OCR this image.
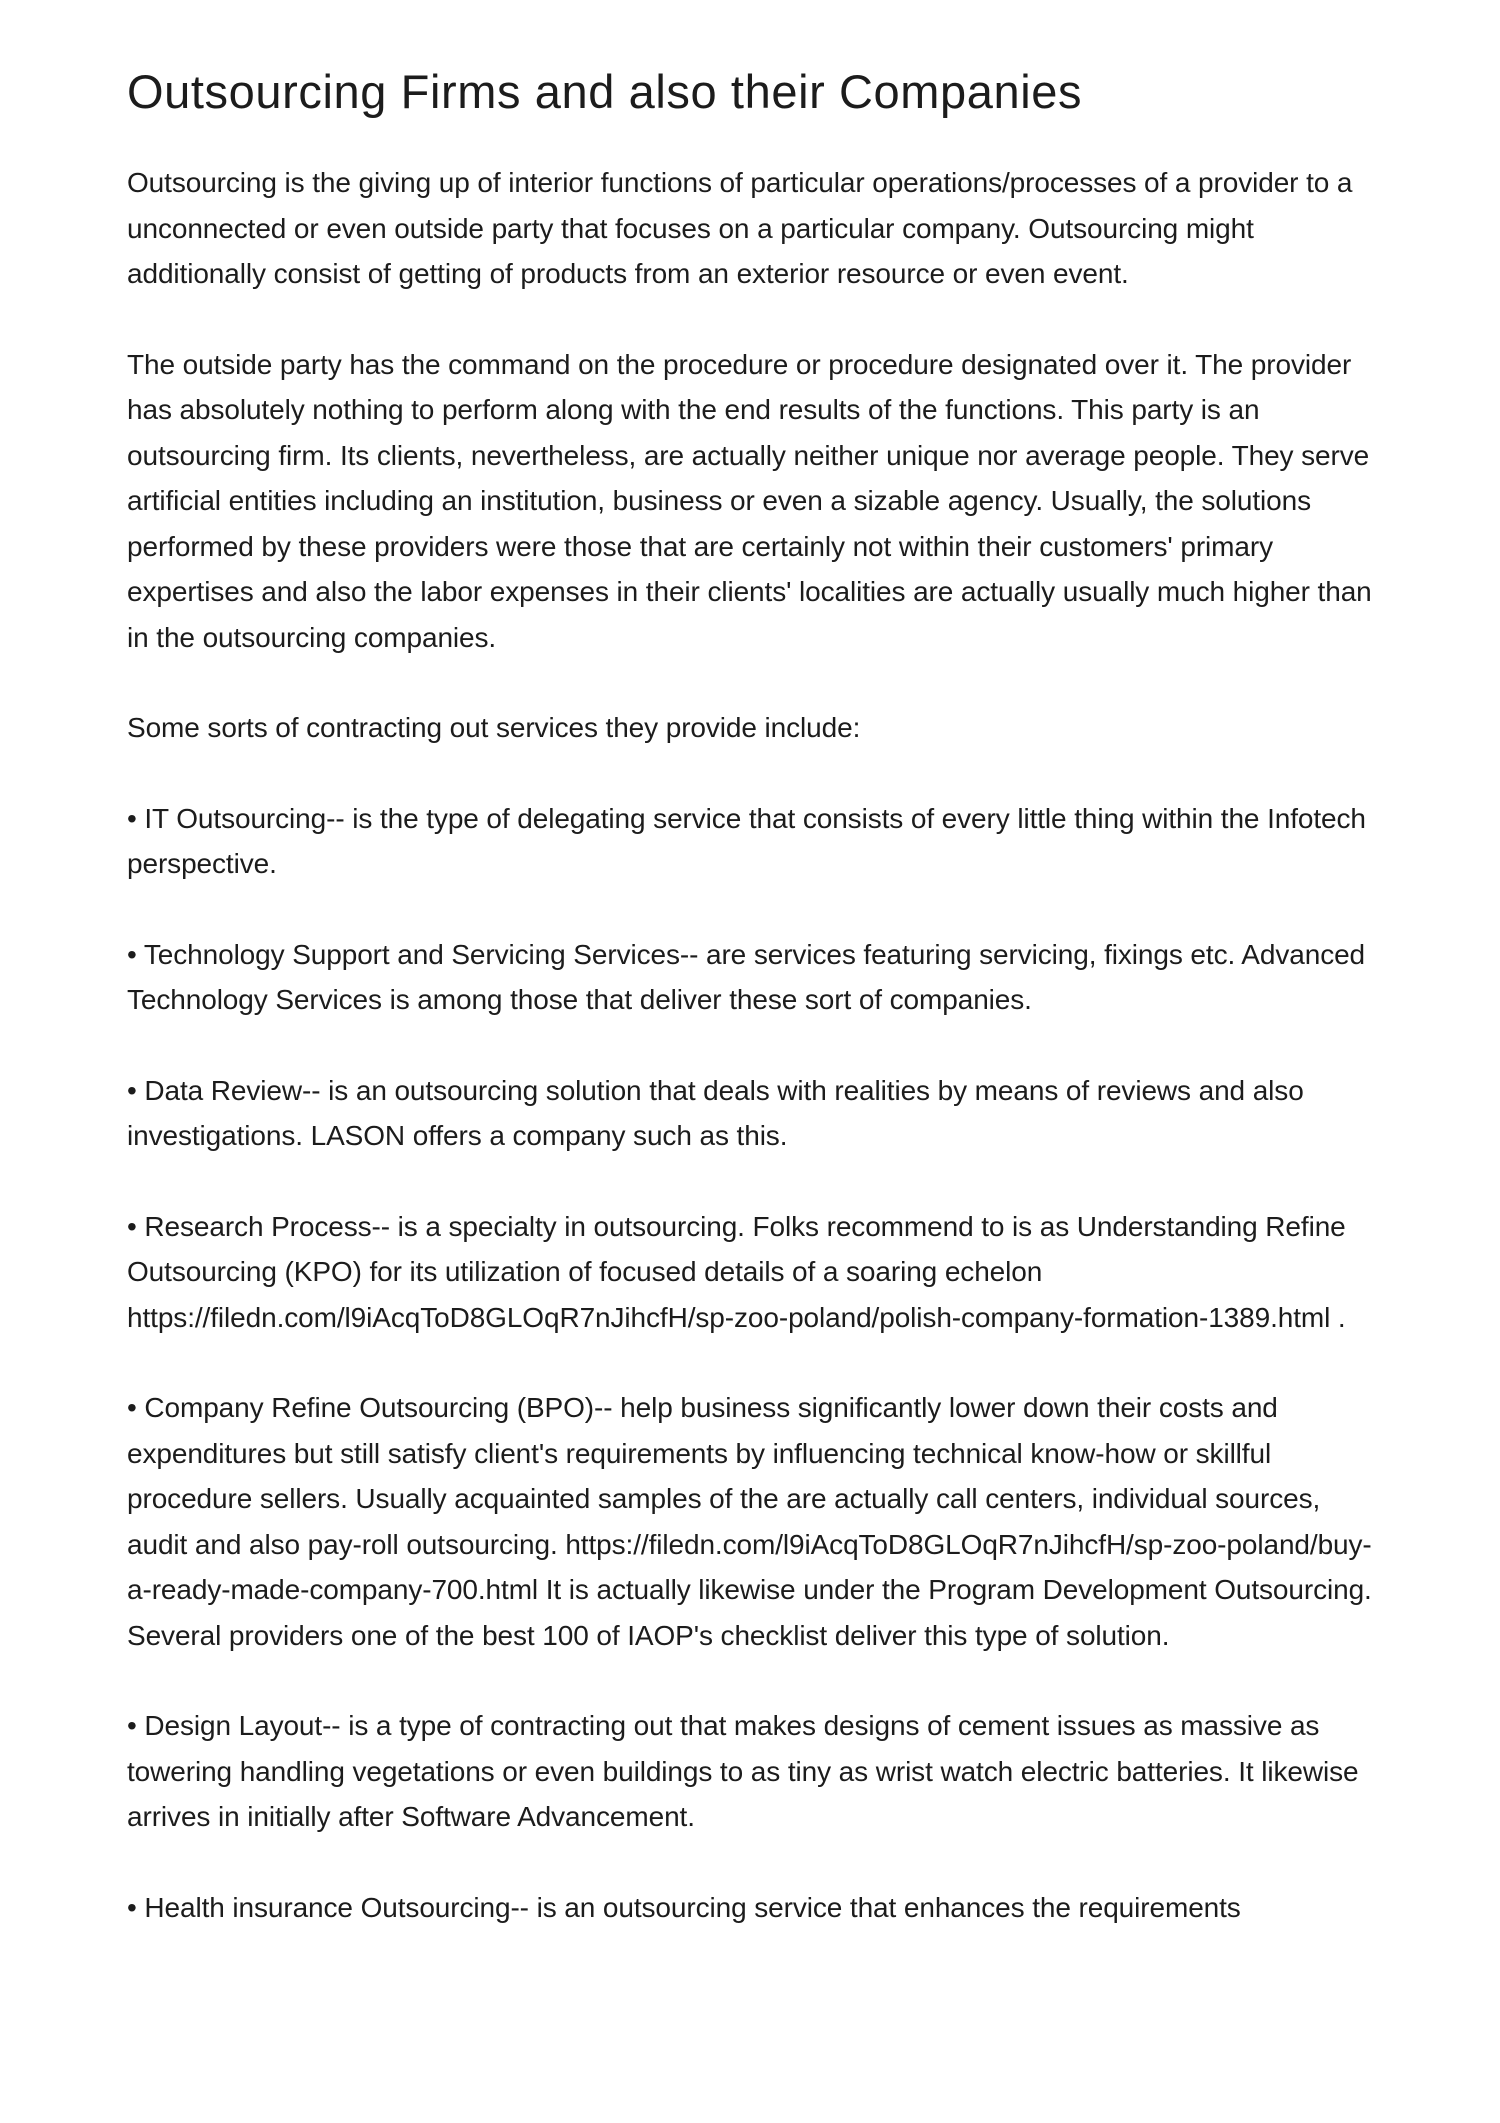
Outsourcing Firms and also their Companies

Outsourcing is the giving up of interior functions of particular operations/processes of a provider to a unconnected or even outside party that focuses on a particular company. Outsourcing might additionally consist of getting of products from an exterior resource or even event.

The outside party has the command on the procedure or procedure designated over it. The provider has absolutely nothing to perform along with the end results of the functions. This party is an outsourcing firm. Its clients, nevertheless, are actually neither unique nor average people. They serve artificial entities including an institution, business or even a sizable agency. Usually, the solutions performed by these providers were those that are certainly not within their customers' primary expertises and also the labor expenses in their clients' localities are actually usually much higher than in the outsourcing companies.

Some sorts of contracting out services they provide include:

• IT Outsourcing-- is the type of delegating service that consists of every little thing within the Infotech perspective.

• Technology Support and Servicing Services-- are services featuring servicing, fixings etc. Advanced Technology Services is among those that deliver these sort of companies.

• Data Review-- is an outsourcing solution that deals with realities by means of reviews and also investigations. LASON offers a company such as this.

• Research Process-- is a specialty in outsourcing. Folks recommend to is as Understanding Refine Outsourcing (KPO) for its utilization of focused details of a soaring echelon https://filedn.com/l9iAcqToD8GLOqR7nJihcfH/sp-zoo-poland/polish-company-formation-1389.html .

• Company Refine Outsourcing (BPO)-- help business significantly lower down their costs and expenditures but still satisfy client's requirements by influencing technical know-how or skillful procedure sellers. Usually acquainted samples of the are actually call centers, individual sources, audit and also pay-roll outsourcing. https://filedn.com/l9iAcqToD8GLOqR7nJihcfH/sp-zoo-poland/buy-a-ready-made-company-700.html It is actually likewise under the Program Development Outsourcing. Several providers one of the best 100 of IAOP's checklist deliver this type of solution.

• Design Layout-- is a type of contracting out that makes designs of cement issues as massive as towering handling vegetations or even buildings to as tiny as wrist watch electric batteries. It likewise arrives in initially after Software Advancement.

• Health insurance Outsourcing-- is an outsourcing service that enhances the requirements
